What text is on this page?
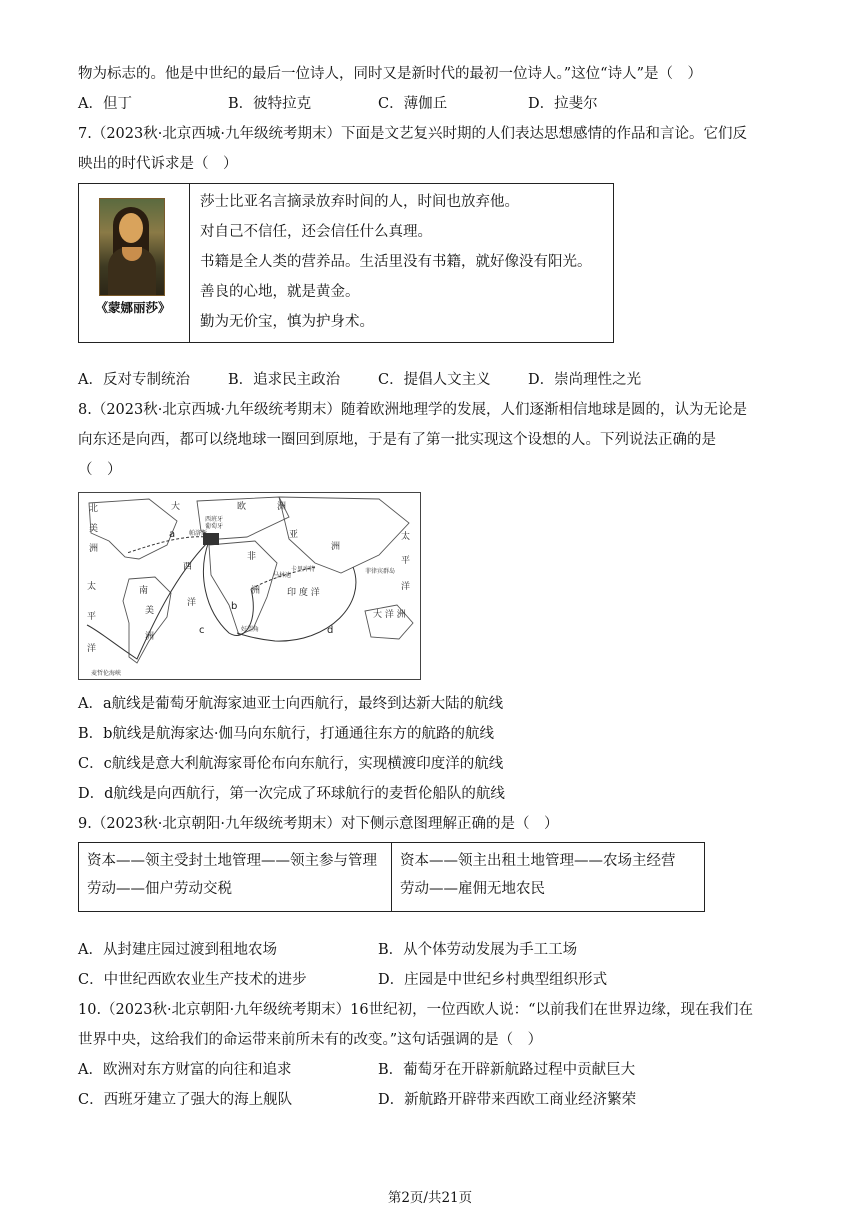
物为标志的。他是中世纪的最后一位诗人，同时又是新时代的最初一位诗人。”这位“诗人”是（　）
A．但丁	B．彼特拉克	C．薄伽丘	D．拉斐尔
7.（2023秋·北京西城·九年级统考期末）下面是文艺复兴时期的人们表达思想感情的作品和言论。它们反
映出的时代诉求是（　）
《蒙娜丽莎》

莎士比亚名言摘录放弃时间的人，时间也放弃他。
对自己不信任，还会信任什么真理。
书籍是全人类的营养品。生活里没有书籍，就好像没有阳光。
善良的心地，就是黄金。
勤为无价宝，慎为护身术。
A．反对专制统治	B．追求民主政治	C．提倡人文主义	D．崇尚理性之光
8.（2023秋·北京西城·九年级统考期末）随着欧洲地理学的发展，人们逐渐相信地球是圆的，认为无论是
向东还是向西，都可以绕地球一圈回到原地，于是有了第一批实现这个设想的人。下列说法正确的是
（　）
北
美
洲
大
西
洋
欧	洲
亚
洲
非
洲
南
美
洲
印 度 洋
太
平
洋
太
平
洋
大 洋 洲
a
b
c	d
西班牙
葡萄牙
帕洛斯
卡里库特
马林迪
菲律宾群岛
好望角
麦哲伦海峡
A．a航线是葡萄牙航海家迪亚士向西航行，最终到达新大陆的航线
B．b航线是航海家达·伽马向东航行，打通通往东方的航路的航线
C．c航线是意大利航海家哥伦布向东航行，实现横渡印度洋的航线
D．d航线是向西航行，第一次完成了环球航行的麦哲伦船队的航线
9.（2023秋·北京朝阳·九年级统考期末）对下侧示意图理解正确的是（　）
资本——领主受封土地管理——领主参与管理
劳动——佃户劳动交税

资本——领主出租土地管理——农场主经营
劳动——雇佣无地农民
A．从封建庄园过渡到租地农场	B．从个体劳动发展为手工工场
C．中世纪西欧农业生产技术的进步	D．庄园是中世纪乡村典型组织形式
10.（2023秋·北京朝阳·九年级统考期末）16世纪初，一位西欧人说：“以前我们在世界边缘，现在我们在
世界中央，这给我们的命运带来前所未有的改变。”这句话强调的是（　）
A．欧洲对东方财富的向往和追求	B．葡萄牙在开辟新航路过程中贡献巨大
C．西班牙建立了强大的海上舰队	D．新航路开辟带来西欧工商业经济繁荣
第2页/共21页
